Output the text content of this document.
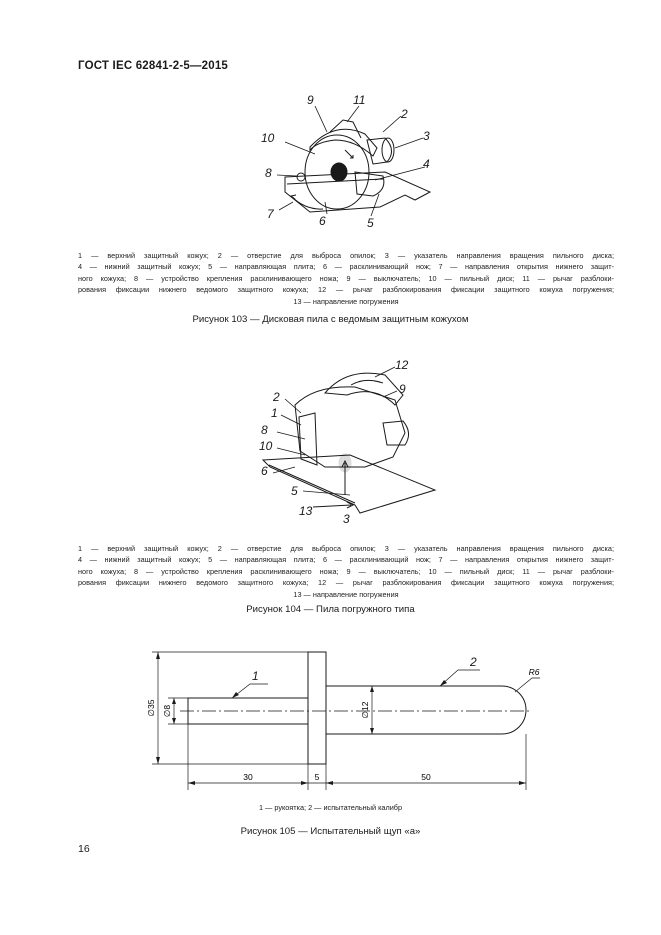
ГОСТ IEC 62841-2-5—2015
9	11
2
10	3
8
4
7	6	5
1 — верхний защитный кожух; 2 — отверстие для выброса опилок; 3 — указатель направления вращения пильного диска;
4 — нижний защитный кожух; 5 — направляющая плита; 6 — расклинивающий нож; 7 — направления открытия нижнего защит-
ного кожуха; 8 — устройство крепления расклинивающего ножа; 9 — выключатель; 10 — пильный диск; 11 — рычаг разблоки-
рования фиксации нижнего ведомого защитного кожуха; 12 — рычаг разблокирования фиксации защитного кожуха погружения;
13 — направление погружения
Рисунок 103 — Дисковая пила с ведомым защитным кожухом
12
9
2
1
8
10
6
5
13
3
1 — верхний защитный кожух; 2 — отверстие для выброса опилок; 3 — указатель направления вращения пильного диска;
4 — нижний защитный кожух; 5 — направляющая плита; 6 — расклинивающий нож; 7 — направления открытия нижнего защит-
ного кожуха; 8 — устройство крепления расклинивающего ножа; 9 — выключатель; 10 — пильный диск; 11 — рычаг разблоки-
рования фиксации нижнего ведомого защитного кожуха; 12 — рычаг разблокирования фиксации защитного кожуха погружения;
13 — направление погружения
Рисунок 104 — Пила погружного типа
1
2
R6
∅35 ∅8	∅12
30	5	50
1 — рукоятка; 2 — испытательный калибр
Рисунок 105 — Испытательный щуп «a»
16
